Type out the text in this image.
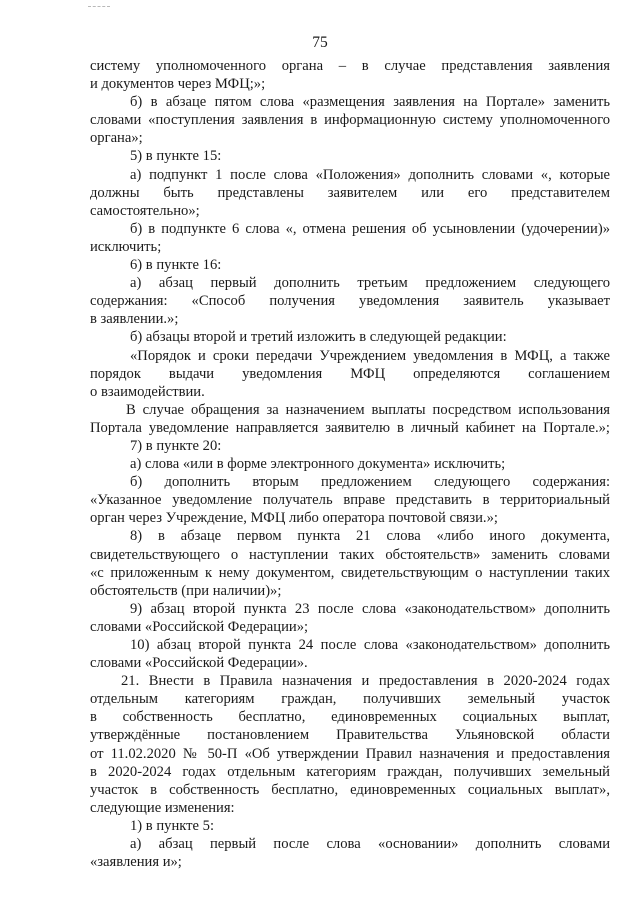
75
системy уполномоченного органа – в случае представления заявления
и документов через МФЦ;»;
б) в абзаце пятом слова «размещения заявления на Портале» заменить
словами «поступления заявления в информационную систему уполномоченного
органа»;
5) в пункте 15:
а) подпункт 1 после слова «Положения» дополнить словами «, которые
должны быть представлены заявителем или его представителем
самостоятельно»;
б) в подпункте 6 слова «, отмена решения об усыновлении (удочерении)»
исключить;
6) в пункте 16:
а) абзац первый дополнить третьим предложением следующего
содержания: «Способ получения уведомления заявитель указывает
в заявлении.»;
б) абзацы второй и третий изложить в следующей редакции:
«Порядок и сроки передачи Учреждением уведомления в МФЦ, а также
порядок выдачи уведомления МФЦ определяются соглашением
о взаимодействии.
В случае обращения за назначением выплаты посредством использования
Портала уведомление направляется заявителю в личный кабинет на Портале.»;
7) в пункте 20:
а) слова «или в форме электронного документа» исключить;
б) дополнить вторым предложением следующего содержания:
«Указанное уведомление получатель вправе представить в территориальный
орган через Учреждение, МФЦ либо оператора почтовой связи.»;
8) в абзаце первом пункта 21 слова «либо иного документа,
свидетельствующего о наступлении таких обстоятельств» заменить словами
«с приложенным к нему документом, свидетельствующим о наступлении таких
обстоятельств (при наличии)»;
9) абзац второй пункта 23 после слова «законодательством» дополнить
словами «Российской Федерации»;
10) абзац второй пункта 24 после слова «законодательством» дополнить
словами «Российской Федерации».
21. Внести в Правила назначения и предоставления в 2020-2024 годах
отдельным категориям граждан, получивших земельный участок
в собственность бесплатно, единовременных социальных выплат,
утверждённые постановлением Правительства Ульяновской области
от 11.02.2020 № 50-П «Об утверждении Правил назначения и предоставления
в 2020-2024 годах отдельным категориям граждан, получивших земельный
участок в собственность бесплатно, единовременных социальных выплат»,
следующие изменения:
1) в пункте 5:
а) абзац первый после слова «основании» дополнить словами
«заявления и»;
